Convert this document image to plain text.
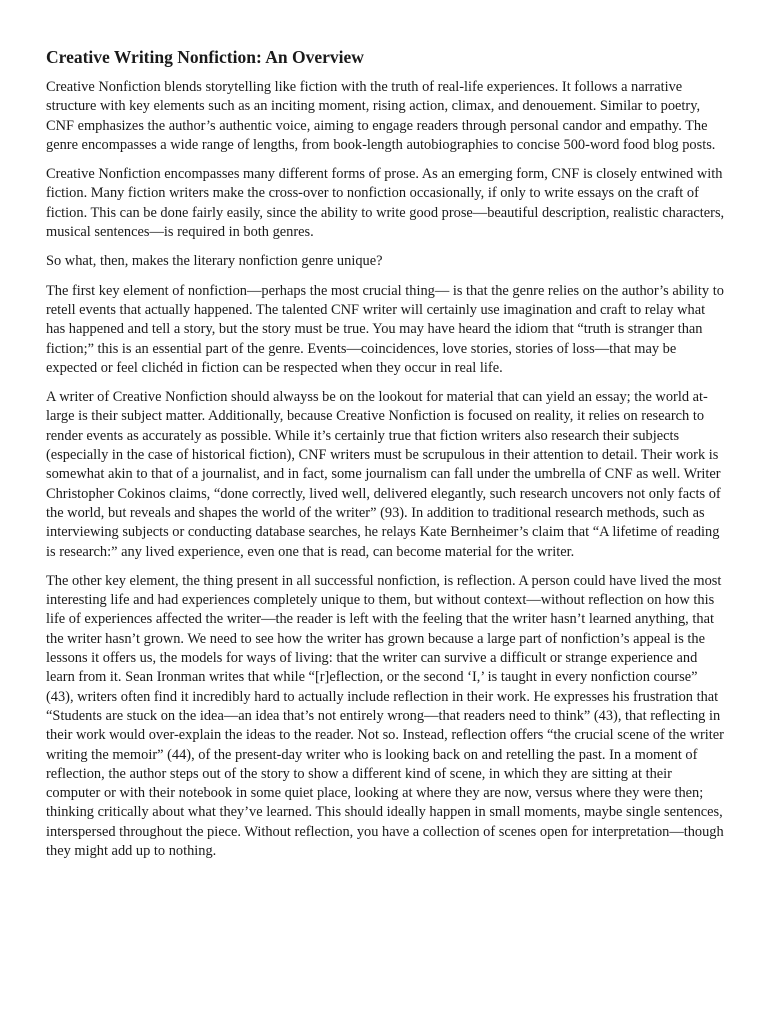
Creative Writing Nonfiction: An Overview

Creative Nonfiction blends storytelling like fiction with the truth of real-life experiences. It follows a narrative structure with key elements such as an inciting moment, rising action, climax, and denouement. Similar to poetry, CNF emphasizes the author’s authentic voice, aiming to engage readers through personal candor and empathy. The genre encompasses a wide range of lengths, from book-length autobiographies to concise 500-word food blog posts.

Creative Nonfiction encompasses many different forms of prose. As an emerging form, CNF is closely entwined with fiction. Many fiction writers make the cross-over to nonfiction occasionally, if only to write essays on the craft of fiction. This can be done fairly easily, since the ability to write good prose—beautiful description, realistic characters, musical sentences—is required in both genres.

So what, then, makes the literary nonfiction genre unique?

The first key element of nonfiction—perhaps the most crucial thing— is that the genre relies on the author’s ability to retell events that actually happened. The talented CNF writer will certainly use imagination and craft to relay what has happened and tell a story, but the story must be true. You may have heard the idiom that “truth is stranger than fiction;” this is an essential part of the genre. Events—coincidences, love stories, stories of loss—that may be expected or feel clichéd in fiction can be respected when they occur in real life.

A writer of Creative Nonfiction should alwayss be on the lookout for material that can yield an essay; the world at-large is their subject matter. Additionally, because Creative Nonfiction is focused on reality, it relies on research to render events as accurately as possible. While it’s certainly true that fiction writers also research their subjects (especially in the case of historical fiction), CNF writers must be scrupulous in their attention to detail. Their work is somewhat akin to that of a journalist, and in fact, some journalism can fall under the umbrella of CNF as well. Writer Christopher Cokinos claims, “done correctly, lived well, delivered elegantly, such research uncovers not only facts of the world, but reveals and shapes the world of the writer” (93). In addition to traditional research methods, such as interviewing subjects or conducting database searches, he relays Kate Bernheimer’s claim that “A lifetime of reading is research:” any lived experience, even one that is read, can become material for the writer.

The other key element, the thing present in all successful nonfiction, is reflection. A person could have lived the most interesting life and had experiences completely unique to them, but without context—without reflection on how this life of experiences affected the writer—the reader is left with the feeling that the writer hasn’t learned anything, that the writer hasn’t grown. We need to see how the writer has grown because a large part of nonfiction’s appeal is the lessons it offers us, the models for ways of living: that the writer can survive a difficult or strange experience and learn from it. Sean Ironman writes that while “[r]eflection, or the second ‘I,’ is taught in every nonfiction course” (43), writers often find it incredibly hard to actually include reflection in their work. He expresses his frustration that “Students are stuck on the idea—an idea that’s not entirely wrong—that readers need to think” (43), that reflecting in their work would over-explain the ideas to the reader. Not so. Instead, reflection offers “the crucial scene of the writer writing the memoir” (44), of the present-day writer who is looking back on and retelling the past. In a moment of reflection, the author steps out of the story to show a different kind of scene, in which they are sitting at their computer or with their notebook in some quiet place, looking at where they are now, versus where they were then; thinking critically about what they’ve learned. This should ideally happen in small moments, maybe single sentences, interspersed throughout the piece. Without reflection, you have a collection of scenes open for interpretation—though they might add up to nothing.
